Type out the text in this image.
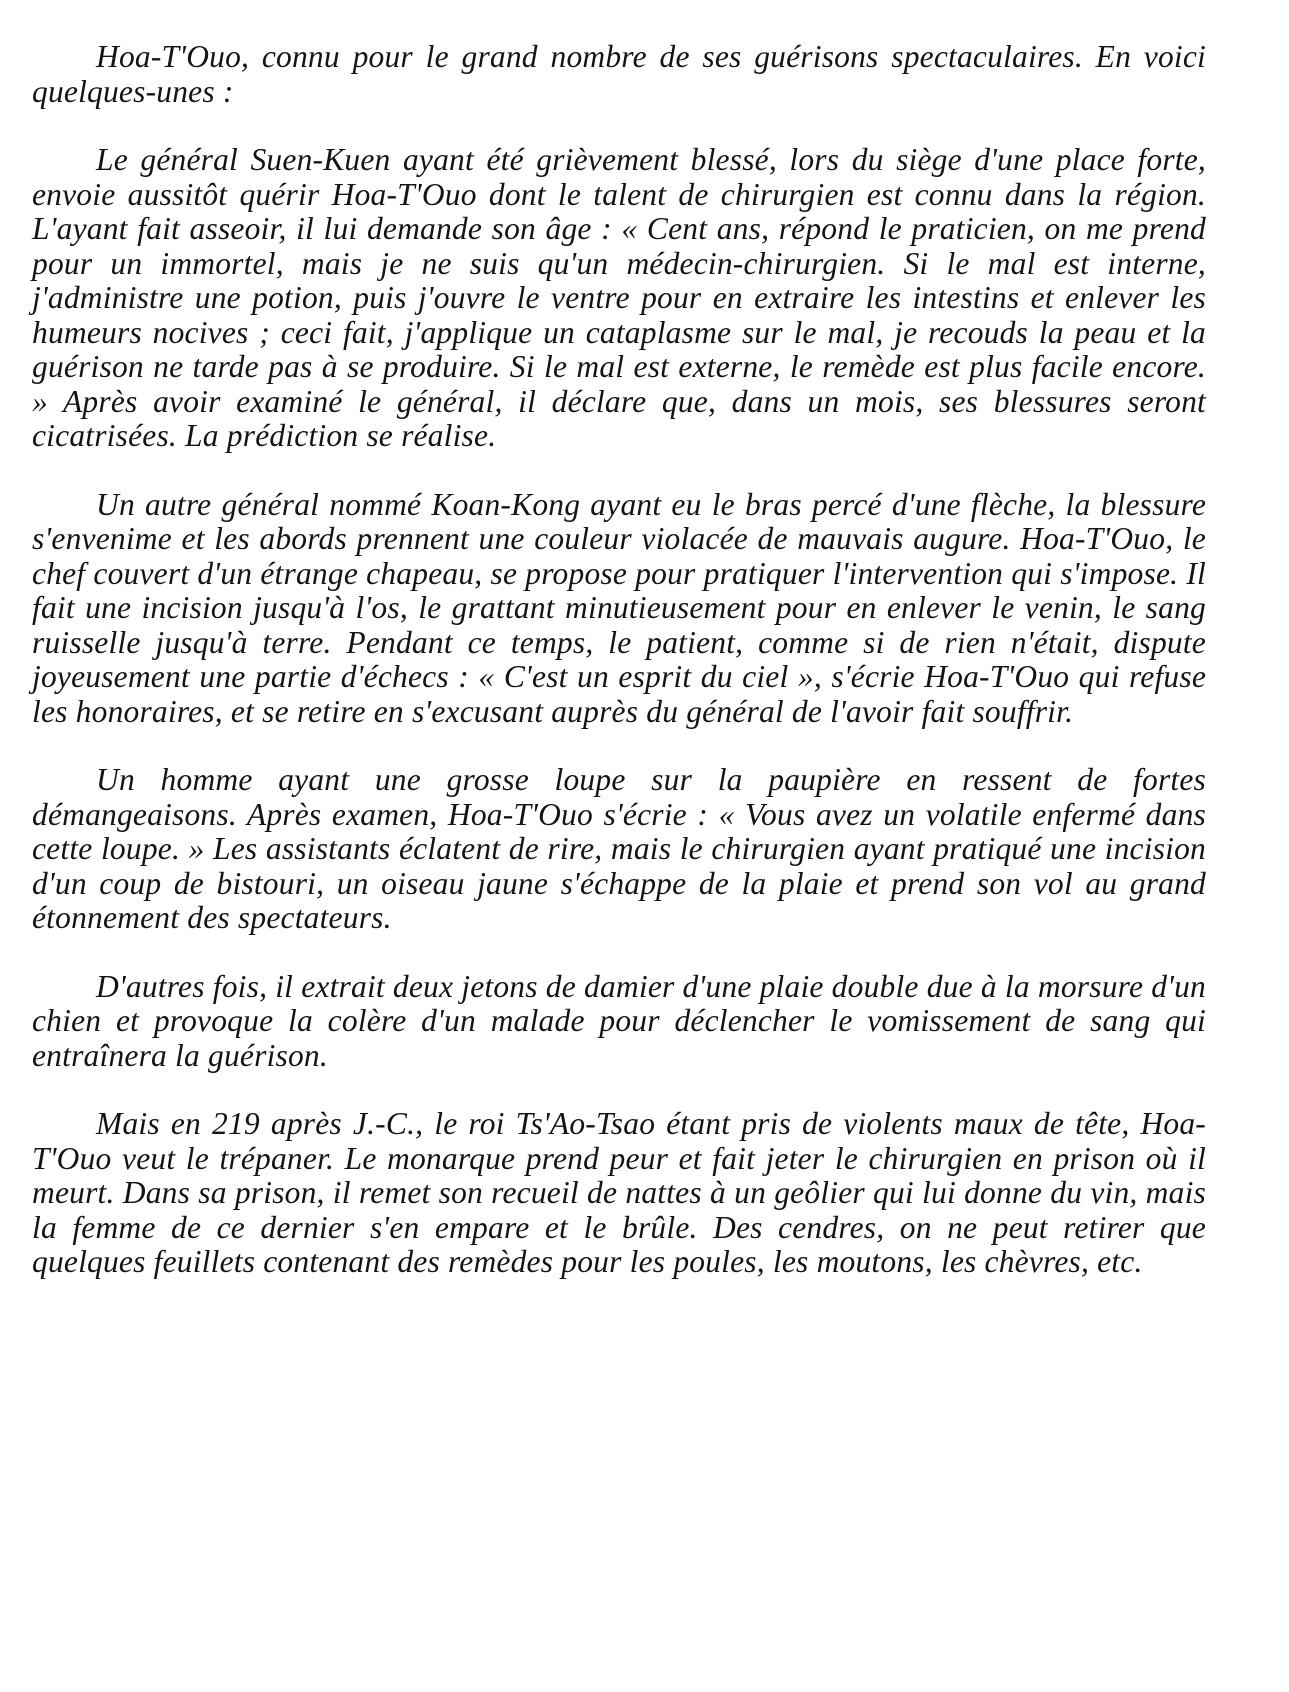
Hoa-T'Ouo, connu pour le grand nombre de ses guérisons spectaculaires. En voici quelques-unes :

Le général Suen-Kuen ayant été grièvement blessé, lors du siège d'une place forte, envoie aussitôt quérir Hoa-T'Ouo dont le talent de chirurgien est connu dans la région. L'ayant fait asseoir, il lui demande son âge : « Cent ans, répond le praticien, on me prend pour un immortel, mais je ne suis qu'un médecin-chirurgien. Si le mal est interne, j'administre une potion, puis j'ouvre le ventre pour en extraire les intestins et enlever les humeurs nocives ; ceci fait, j'applique un cataplasme sur le mal, je recouds la peau et la guérison ne tarde pas à se produire. Si le mal est externe, le remède est plus facile encore. » Après avoir examiné le général, il déclare que, dans un mois, ses blessures seront cicatrisées. La prédiction se réalise.

Un autre général nommé Koan-Kong ayant eu le bras percé d'une flèche, la blessure s'envenime et les abords prennent une couleur violacée de mauvais augure. Hoa-T'Ouo, le chef couvert d'un étrange chapeau, se propose pour pratiquer l'intervention qui s'impose. Il fait une incision jusqu'à l'os, le grattant minutieusement pour en enlever le venin, le sang ruisselle jusqu'à terre. Pendant ce temps, le patient, comme si de rien n'était, dispute joyeusement une partie d'échecs : « C'est un esprit du ciel », s'écrie Hoa-T'Ouo qui refuse les honoraires, et se retire en s'excusant auprès du général de l'avoir fait souffrir.

Un homme ayant une grosse loupe sur la paupière en ressent de fortes démangeaisons. Après examen, Hoa-T'Ouo s'écrie : « Vous avez un volatile enfermé dans cette loupe. » Les assistants éclatent de rire, mais le chirurgien ayant pratiqué une incision d'un coup de bistouri, un oiseau jaune s'échappe de la plaie et prend son vol au grand étonnement des spectateurs.

D'autres fois, il extrait deux jetons de damier d'une plaie double due à la morsure d'un chien et provoque la colère d'un malade pour déclencher le vomissement de sang qui entraînera la guérison.

Mais en 219 après J.-C., le roi Ts'Ao-Tsao étant pris de violents maux de tête, Hoa-T'Ouo veut le trépaner. Le monarque prend peur et fait jeter le chirurgien en prison où il meurt. Dans sa prison, il remet son recueil de nattes à un geôlier qui lui donne du vin, mais la femme de ce dernier s'en empare et le brûle. Des cendres, on ne peut retirer que quelques feuillets contenant des remèdes pour les poules, les moutons, les chèvres, etc.
